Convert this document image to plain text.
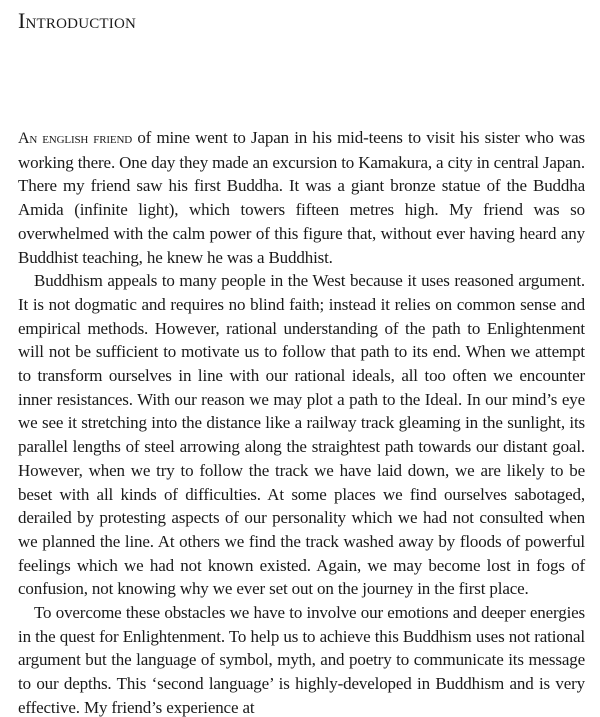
Introduction

An english friend of mine went to Japan in his mid-teens to visit his sister who was working there. One day they made an excursion to Kamakura, a city in central Japan. There my friend saw his first Buddha. It was a giant bronze statue of the Buddha Amida (infinite light), which towers fifteen metres high. My friend was so overwhelmed with the calm power of this figure that, without ever having heard any Buddhist teaching, he knew he was a Buddhist.

Buddhism appeals to many people in the West because it uses reasoned argument. It is not dogmatic and requires no blind faith; instead it relies on common sense and empirical methods. However, rational understanding of the path to Enlightenment will not be sufficient to motivate us to follow that path to its end. When we attempt to transform ourselves in line with our rational ideals, all too often we encounter inner resistances. With our reason we may plot a path to the Ideal. In our mind’s eye we see it stretching into the distance like a railway track gleaming in the sunlight, its parallel lengths of steel arrowing along the straightest path towards our distant goal. However, when we try to follow the track we have laid down, we are likely to be beset with all kinds of difficulties. At some places we find ourselves sabotaged, derailed by protesting aspects of our personality which we had not consulted when we planned the line. At others we find the track washed away by floods of powerful feelings which we had not known existed. Again, we may become lost in fogs of confusion, not knowing why we ever set out on the journey in the first place.

To overcome these obstacles we have to involve our emotions and deeper energies in the quest for Enlightenment. To help us to achieve this Buddhism uses not rational argument but the language of symbol, myth, and poetry to communicate its message to our depths. This ‘second language’ is highly-developed in Buddhism and is very effective. My friend’s experience at
